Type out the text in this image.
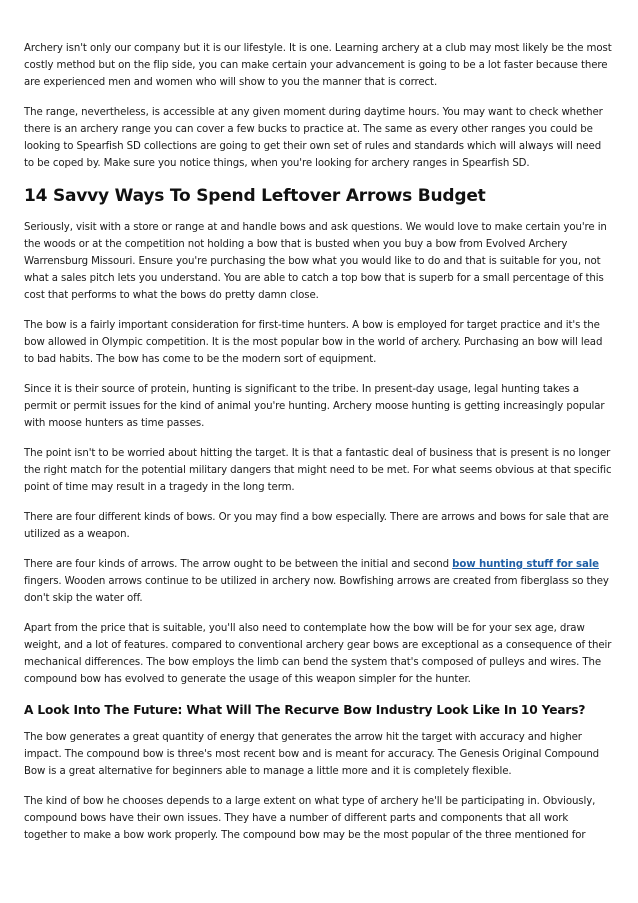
Archery isn't only our company but it is our lifestyle. It is one. Learning archery at a club may most likely be the most costly method but on the flip side, you can make certain your advancement is going to be a lot faster because there are experienced men and women who will show to you the manner that is correct.

The range, nevertheless, is accessible at any given moment during daytime hours. You may want to check whether there is an archery range you can cover a few bucks to practice at. The same as every other ranges you could be looking to Spearfish SD collections are going to get their own set of rules and standards which will always will need to be coped by. Make sure you notice things, when you're looking for archery ranges in Spearfish SD.

14 Savvy Ways To Spend Leftover Arrows Budget

Seriously, visit with a store or range at and handle bows and ask questions. We would love to make certain you're in the woods or at the competition not holding a bow that is busted when you buy a bow from Evolved Archery Warrensburg Missouri. Ensure you're purchasing the bow what you would like to do and that is suitable for you, not what a sales pitch lets you understand. You are able to catch a top bow that is superb for a small percentage of this cost that performs to what the bows do pretty damn close.

The bow is a fairly important consideration for first-time hunters. A bow is employed for target practice and it's the bow allowed in Olympic competition. It is the most popular bow in the world of archery. Purchasing an bow will lead to bad habits. The bow has come to be the modern sort of equipment.

Since it is their source of protein, hunting is significant to the tribe. In present-day usage, legal hunting takes a permit or permit issues for the kind of animal you're hunting. Archery moose hunting is getting increasingly popular with moose hunters as time passes.

The point isn't to be worried about hitting the target. It is that a fantastic deal of business that is present is no longer the right match for the potential military dangers that might need to be met. For what seems obvious at that specific point of time may result in a tragedy in the long term.

There are four different kinds of bows. Or you may find a bow especially. There are arrows and bows for sale that are utilized as a weapon.

There are four kinds of arrows. The arrow ought to be between the initial and second bow hunting stuff for sale fingers. Wooden arrows continue to be utilized in archery now. Bowfishing arrows are created from fiberglass so they don't skip the water off.

Apart from the price that is suitable, you'll also need to contemplate how the bow will be for your sex age, draw weight, and a lot of features. compared to conventional archery gear bows are exceptional as a consequence of their mechanical differences. The bow employs the limb can bend the system that's composed of pulleys and wires. The compound bow has evolved to generate the usage of this weapon simpler for the hunter.

A Look Into The Future: What Will The Recurve Bow Industry Look Like In 10 Years?

The bow generates a great quantity of energy that generates the arrow hit the target with accuracy and higher impact. The compound bow is three's most recent bow and is meant for accuracy. The Genesis Original Compound Bow is a great alternative for beginners able to manage a little more and it is completely flexible.

The kind of bow he chooses depends to a large extent on what type of archery he'll be participating in. Obviously, compound bows have their own issues. They have a number of different parts and components that all work together to make a bow work properly. The compound bow may be the most popular of the three mentioned for
